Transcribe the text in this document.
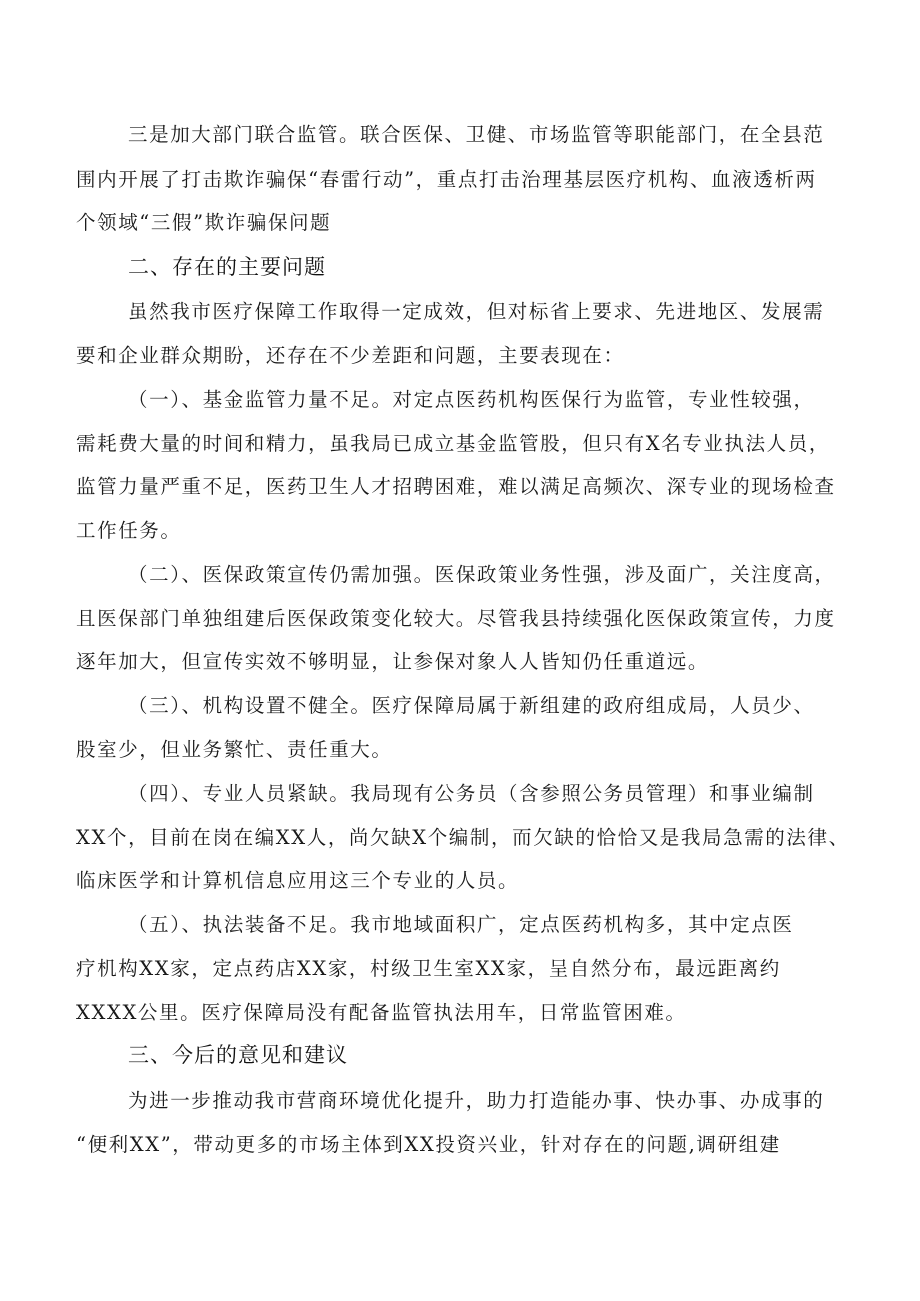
三是加大部门联合监管。联合医保、卫健、市场监管等职能部门，在全县范
围内开展了打击欺诈骗保“春雷行动”，重点打击治理基层医疗机构、血液透析两
个领域“三假”欺诈骗保问题
二、存在的主要问题
虽然我市医疗保障工作取得一定成效，但对标省上要求、先进地区、发展需
要和企业群众期盼，还存在不少差距和问题，主要表现在：
（一）、基金监管力量不足。对定点医药机构医保行为监管，专业性较强，
需耗费大量的时间和精力，虽我局已成立基金监管股，但只有X名专业执法人员，
监管力量严重不足，医药卫生人才招聘困难，难以满足高频次、深专业的现场检查
工作任务。
（二）、医保政策宣传仍需加强。医保政策业务性强，涉及面广，关注度高，
且医保部门单独组建后医保政策变化较大。尽管我县持续强化医保政策宣传，力度
逐年加大，但宣传实效不够明显，让参保对象人人皆知仍任重道远。
（三）、机构设置不健全。医疗保障局属于新组建的政府组成局，人员少、
股室少，但业务繁忙、责任重大。
（四）、专业人员紧缺。我局现有公务员（含参照公务员管理）和事业编制
XX个，目前在岗在编XX人，尚欠缺X个编制，而欠缺的恰恰又是我局急需的法律、
临床医学和计算机信息应用这三个专业的人员。
（五）、执法装备不足。我市地域面积广，定点医药机构多，其中定点医
疗机构XX家，定点药店XX家，村级卫生室XX家，呈自然分布，最远距离约
XXXX公里。医疗保障局没有配备监管执法用车，日常监管困难。
三、今后的意见和建议
为进一步推动我市营商环境优化提升，助力打造能办事、快办事、办成事的
“便利XX”，带动更多的市场主体到XX投资兴业，针对存在的问题,调研组建
